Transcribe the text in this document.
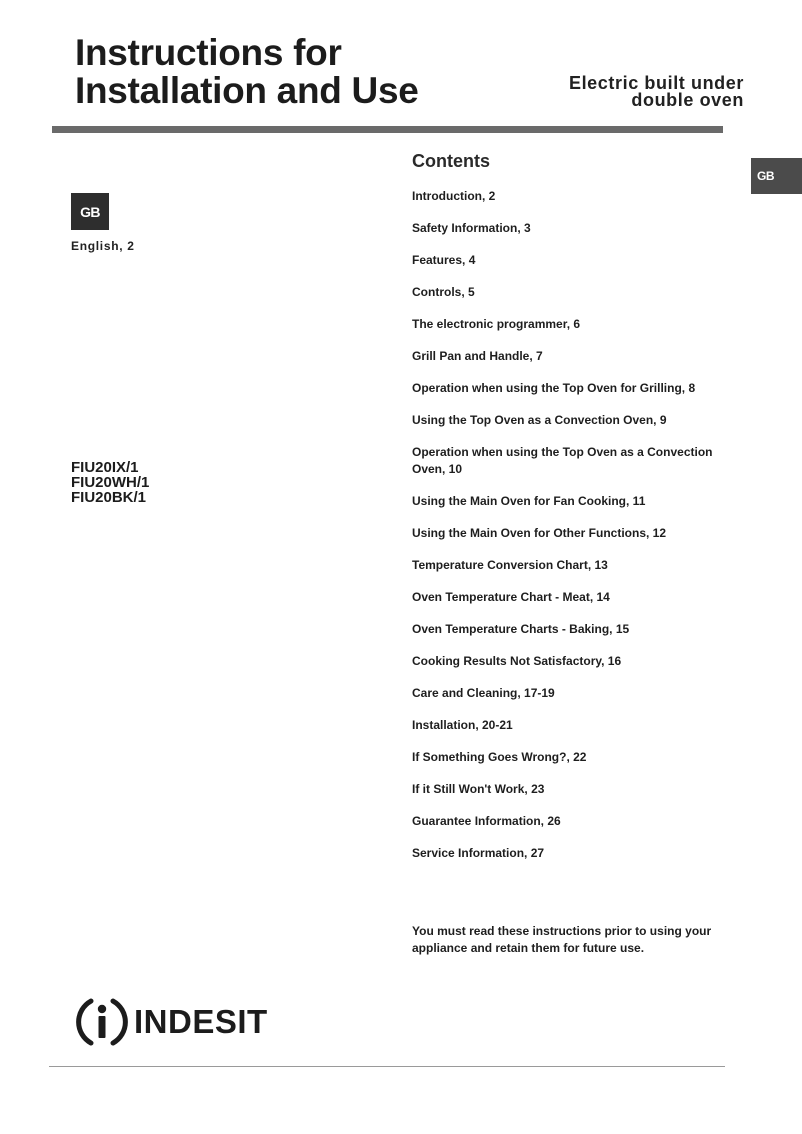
Instructions for
Installation and Use	Electric built under
double oven
GB
GB
English, 2
FIU20IX/1
FIU20WH/1
FIU20BK/1
Contents
Introduction, 2
Safety Information, 3
Features, 4
Controls, 5
The electronic programmer, 6
Grill Pan and Handle, 7
Operation when using the Top Oven for Grilling, 8
Using the Top Oven as a Convection Oven, 9
Operation when using the Top Oven as a Convection Oven, 10
Using the Main Oven for Fan Cooking, 11
Using the Main Oven for Other Functions, 12
Temperature Conversion Chart, 13
Oven Temperature Chart - Meat, 14
Oven Temperature Charts - Baking, 15
Cooking Results Not Satisfactory, 16
Care and Cleaning, 17-19
Installation, 20-21
If Something Goes Wrong?, 22
If it Still Won't Work, 23
Guarantee Information, 26
Service Information, 27

You must read these instructions prior to using your appliance and retain them for future use.

INDESIT
